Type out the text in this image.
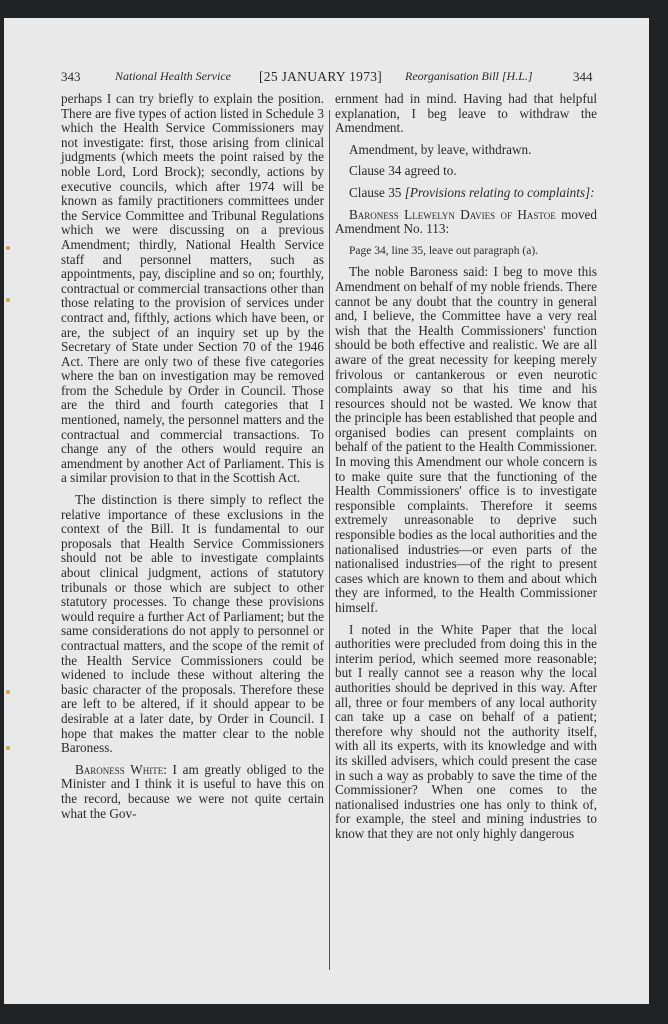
343	National Health Service [25 JANUARY 1973] Reorganisation Bill [H.L.]	344

perhaps I can try briefly to explain the position. There are five types of action listed in Schedule 3 which the Health Service Commissioners may not investigate: first, those arising from clinical judgments (which meets the point raised by the noble Lord, Lord Brock); secondly, actions by executive councils, which after 1974 will be known as family practitioners committees under the Service Committee and Tribunal Regulations which we were discussing on a previous Amendment; thirdly, National Health Service staff and personnel matters, such as appointments, pay, discipline and so on; fourthly, contractual or commercial transactions other than those relating to the provision of services under contract and, fifthly, actions which have been, or are, the subject of an inquiry set up by the Secretary of State under Section 70 of the 1946 Act. There are only two of these five categories where the ban on investigation may be removed from the Schedule by Order in Council. Those are the third and fourth categories that I mentioned, namely, the personnel matters and the contractual and commercial transactions. To change any of the others would require an amendment by another Act of Parliament. This is a similar provision to that in the Scottish Act.

The distinction is there simply to reflect the relative importance of these exclusions in the context of the Bill. It is fundamental to our proposals that Health Service Commissioners should not be able to investigate complaints about clinical judgment, actions of statutory tribunals or those which are subject to other statutory processes. To change these provisions would require a further Act of Parliament; but the same considerations do not apply to personnel or contractual matters, and the scope of the remit of the Health Service Commissioners could be widened to include these without altering the basic character of the proposals. Therefore these are left to be altered, if it should appear to be desirable at a later date, by Order in Council. I hope that makes the matter clear to the noble Baroness.

Baroness White: I am greatly obliged to the Minister and I think it is useful to have this on the record, because we were not quite certain what the Gov-

ernment had in mind. Having had that helpful explanation, I beg leave to withdraw the Amendment.

Amendment, by leave, withdrawn.

Clause 34 agreed to.

Clause 35 [Provisions relating to complaints]:

Baroness Llewelyn Davies of Hastoe moved Amendment No. 113:

Page 34, line 35, leave out paragraph (a).

The noble Baroness said: I beg to move this Amendment on behalf of my noble friends. There cannot be any doubt that the country in general and, I believe, the Committee have a very real wish that the Health Commissioners' function should be both effective and realistic. We are all aware of the great necessity for keeping merely frivolous or cantankerous or even neurotic complaints away so that his time and his resources should not be wasted. We know that the principle has been established that people and organised bodies can present complaints on behalf of the patient to the Health Commissioner. In moving this Amendment our whole concern is to make quite sure that the functioning of the Health Commissioners' office is to investigate responsible complaints. Therefore it seems extremely unreasonable to deprive such responsible bodies as the local authorities and the nationalised industries—or even parts of the nationalised industries—of the right to present cases which are known to them and about which they are informed, to the Health Commissioner himself.

I noted in the White Paper that the local authorities were precluded from doing this in the interim period, which seemed more reasonable; but I really cannot see a reason why the local authorities should be deprived in this way. After all, three or four members of any local authority can take up a case on behalf of a patient; therefore why should not the authority itself, with all its experts, with its knowledge and with its skilled advisers, which could present the case in such a way as probably to save the time of the Commissioner? When one comes to the nationalised industries one has only to think of, for example, the steel and mining industries to know that they are not only highly dangerous
